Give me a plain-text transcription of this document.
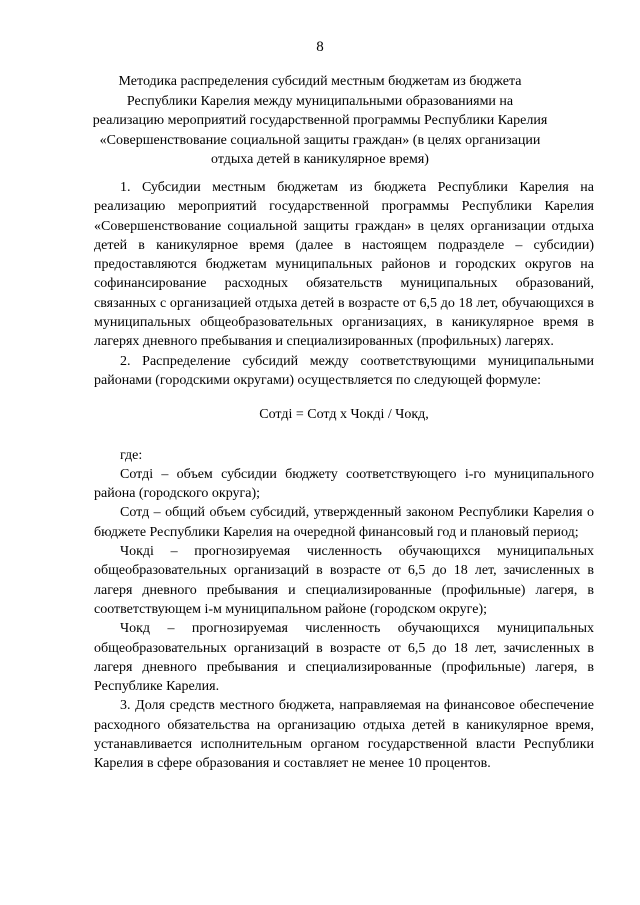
8
Методика распределения субсидий местным бюджетам из бюджета Республики Карелия между муниципальными образованиями на реализацию мероприятий государственной программы Республики Карелия «Совершенствование социальной защиты граждан» (в целях организации отдыха детей в каникулярное время)

1. Субсидии местным бюджетам из бюджета Республики Карелия на реализацию мероприятий государственной программы Республики Карелия «Совершенствование социальной защиты граждан» в целях организации отдыха детей в каникулярное время (далее в настоящем подразделе – субсидии) предоставляются бюджетам муниципальных районов и городских округов на софинансирование расходных обязательств муниципальных образований, связанных с организацией отдыха детей в возрасте от 6,5 до 18 лет, обучающихся в муниципальных общеобразовательных организациях, в каникулярное время в лагерях дневного пребывания и специализированных (профильных) лагерях.

2. Распределение субсидий между соответствующими муниципальными районами (городскими округами) осуществляется по следующей формуле:

Сотдi = Сотд x Чокдi / Чокд,

где:

Сотдi – объем субсидии бюджету соответствующего i-го муниципального района (городского округа);

Сотд – общий объем субсидий, утвержденный законом Республики Карелия о бюджете Республики Карелия на очередной финансовый год и плановый период;

Чокдi – прогнозируемая численность обучающихся муниципальных общеобразовательных организаций в возрасте от 6,5 до 18 лет, зачисленных в лагеря дневного пребывания и специализированные (профильные) лагеря, в соответствующем i-м муниципальном районе (городском округе);

Чокд – прогнозируемая численность обучающихся муниципальных общеобразовательных организаций в возрасте от 6,5 до 18 лет, зачисленных в лагеря дневного пребывания и специализированные (профильные) лагеря, в Республике Карелия.

3. Доля средств местного бюджета, направляемая на финансовое обеспечение расходного обязательства на организацию отдыха детей в каникулярное время, устанавливается исполнительным органом государственной власти Республики Карелия в сфере образования и составляет не менее 10 процентов.
